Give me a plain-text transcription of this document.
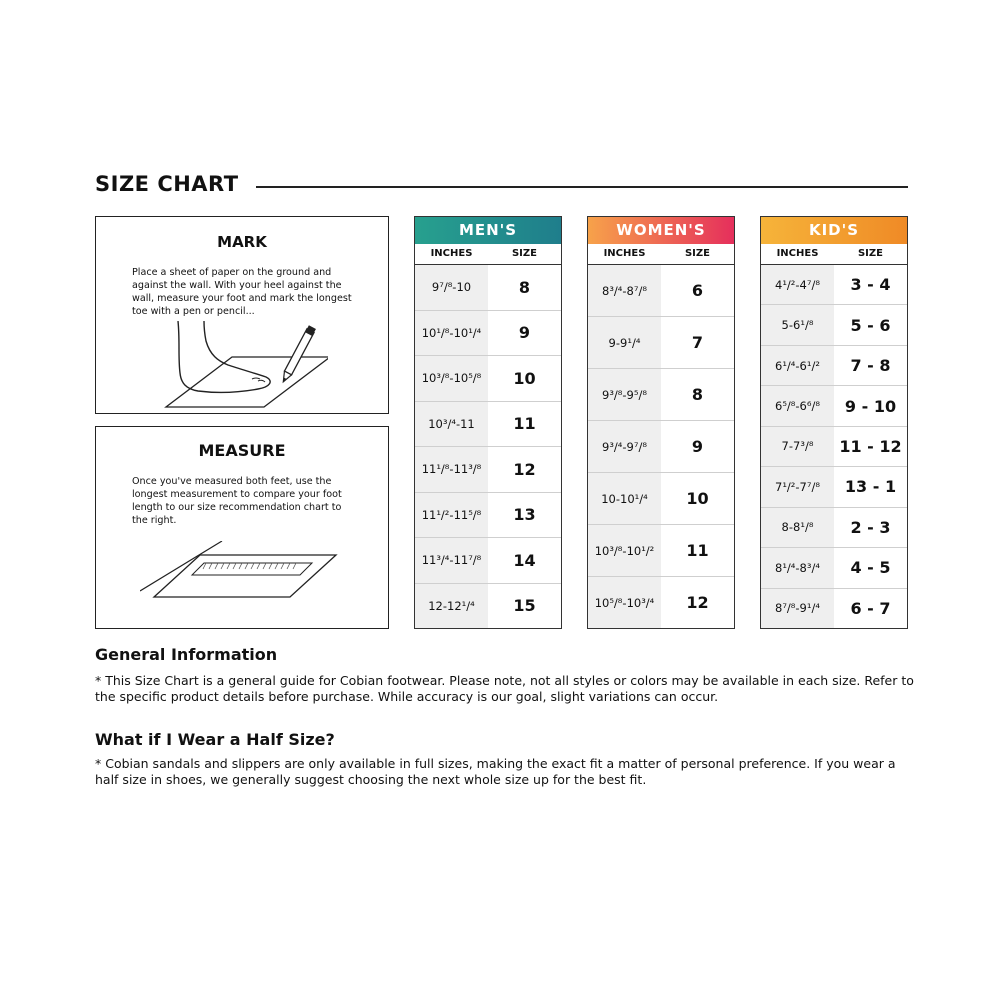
SIZE CHART
MARK

Place a sheet of paper on the ground and against the wall. With your heel against the wall, measure your foot and mark the longest toe with a pen or pencil...

MEASURE

Once you've measured both feet, use the longest measurement to compare your foot length to our size recommendation chart to the right.

MEN'S
INCHES	SIZE
9⁷/⁸-10	8
10¹/⁸-10¹/⁴	9
10³/⁸-10⁵/⁸	10
10³/⁴-11	11
11¹/⁸-11³/⁸	12
11¹/²-11⁵/⁸	13
11³/⁴-11⁷/⁸	14
12-12¹/⁴	15
WOMEN'S
INCHES	SIZE
8³/⁴-8⁷/⁸	6
9-9¹/⁴	7
9³/⁸-9⁵/⁸	8
9³/⁴-9⁷/⁸	9
10-10¹/⁴	10
10³/⁸-10¹/²	11
10⁵/⁸-10³/⁴	12
KID'S
INCHES	SIZE
4¹/²-4⁷/⁸	3 - 4
5-6¹/⁸	5 - 6
6¹/⁴-6¹/²	7 - 8
6⁵/⁸-6⁶/⁸	9 - 10
7-7³/⁸	11 - 12
7¹/²-7⁷/⁸	13 - 1
8-8¹/⁸	2 - 3
8¹/⁴-8³/⁴	4 - 5
8⁷/⁸-9¹/⁴	6 - 7
General Information

* This Size Chart is a general guide for Cobian footwear. Please note, not all styles or colors may be available in each size. Refer to the specific product details before purchase. While accuracy is our goal, slight variations can occur.

What if I Wear a Half Size?

* Cobian sandals and slippers are only available in full sizes, making the exact fit a matter of personal preference. If you wear a half size in shoes, we generally suggest choosing the next whole size up for the best fit.
